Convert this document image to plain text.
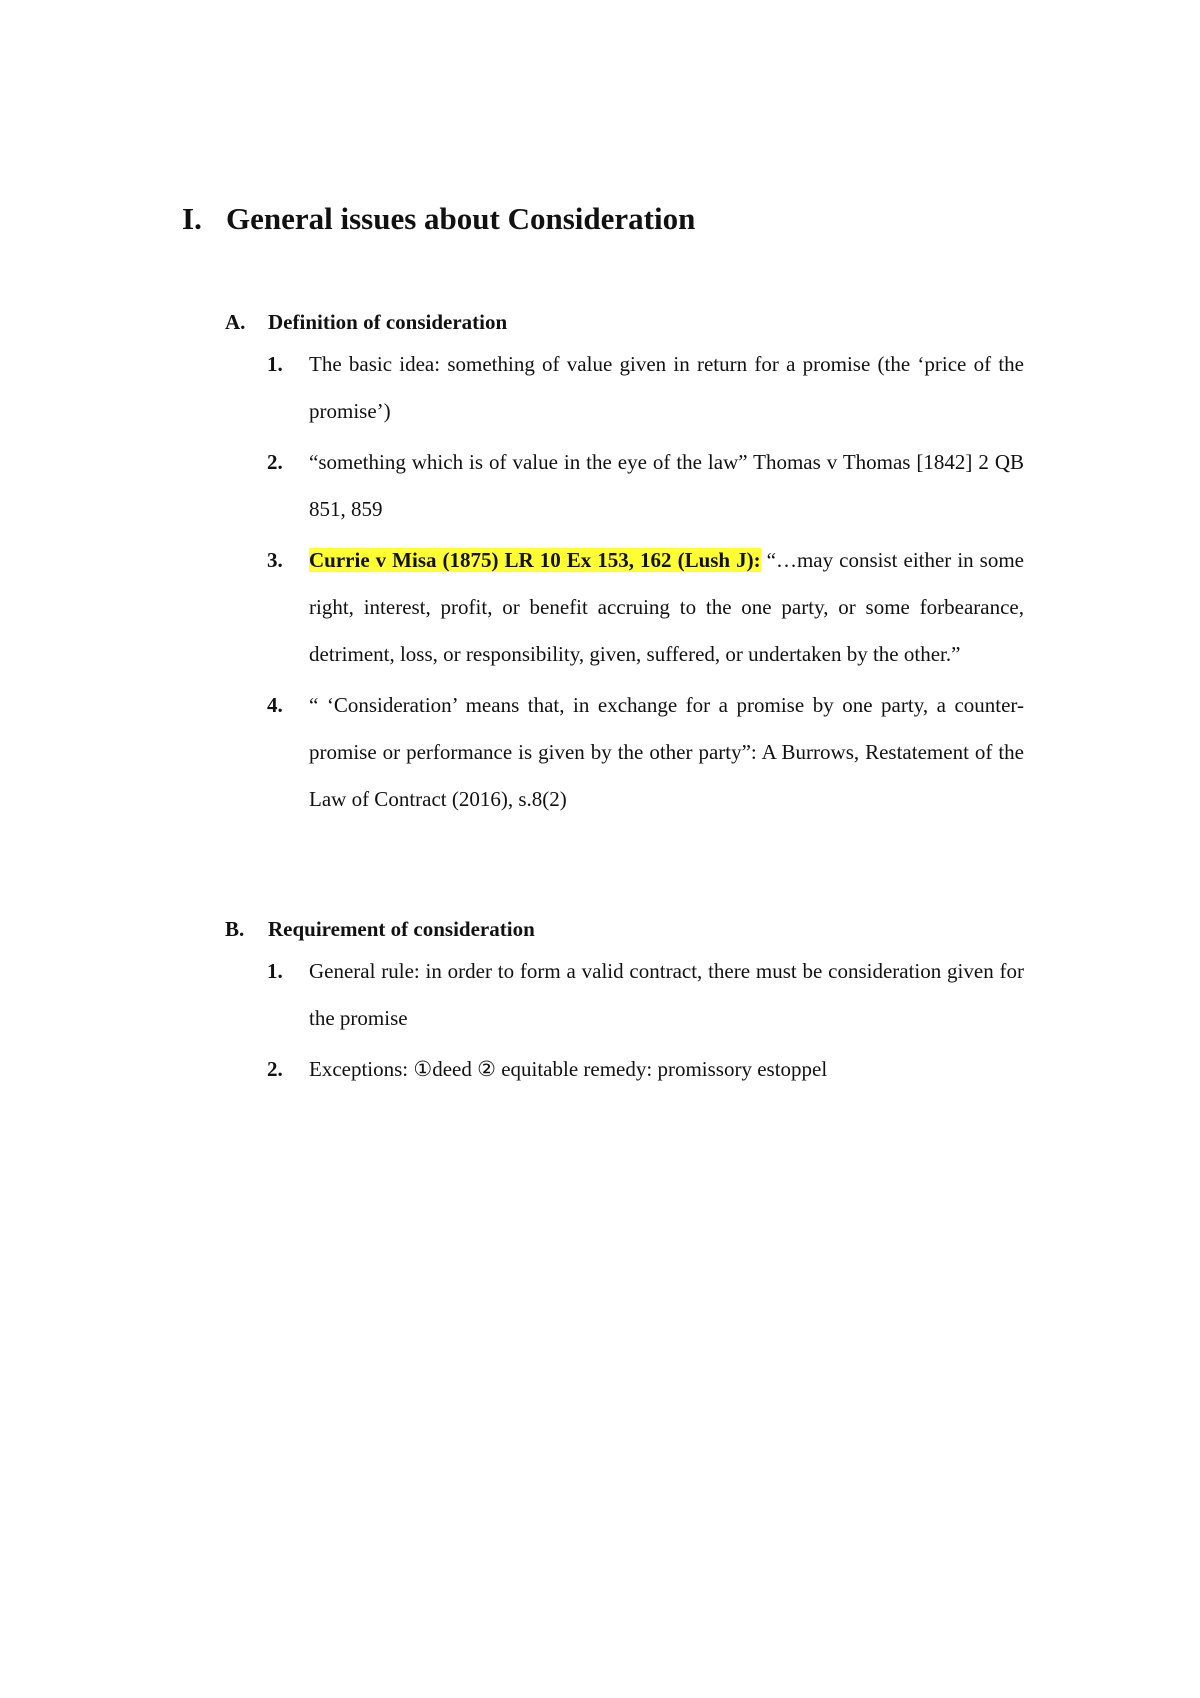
I. General issues about Consideration
A. Definition of consideration
1.	The basic idea: something of value given in return for a promise (the ‘price of the promise’)
2.	“something which is of value in the eye of the law” Thomas v Thomas [1842] 2 QB 851, 859
3.	Currie v Misa (1875) LR 10 Ex 153, 162 (Lush J): “…may consist either in some right, interest, profit, or benefit accruing to the one party, or some forbearance, detriment, loss, or responsibility, given, suffered, or undertaken by the other.”
4.	“ ‘Consideration’ means that, in exchange for a promise by one party, a counter-promise or performance is given by the other party”: A Burrows, Restatement of the Law of Contract (2016), s.8(2)
B. Requirement of consideration
1.	General rule: in order to form a valid contract, there must be consideration given for the promise
2.	Exceptions: ①deed ② equitable remedy: promissory estoppel
